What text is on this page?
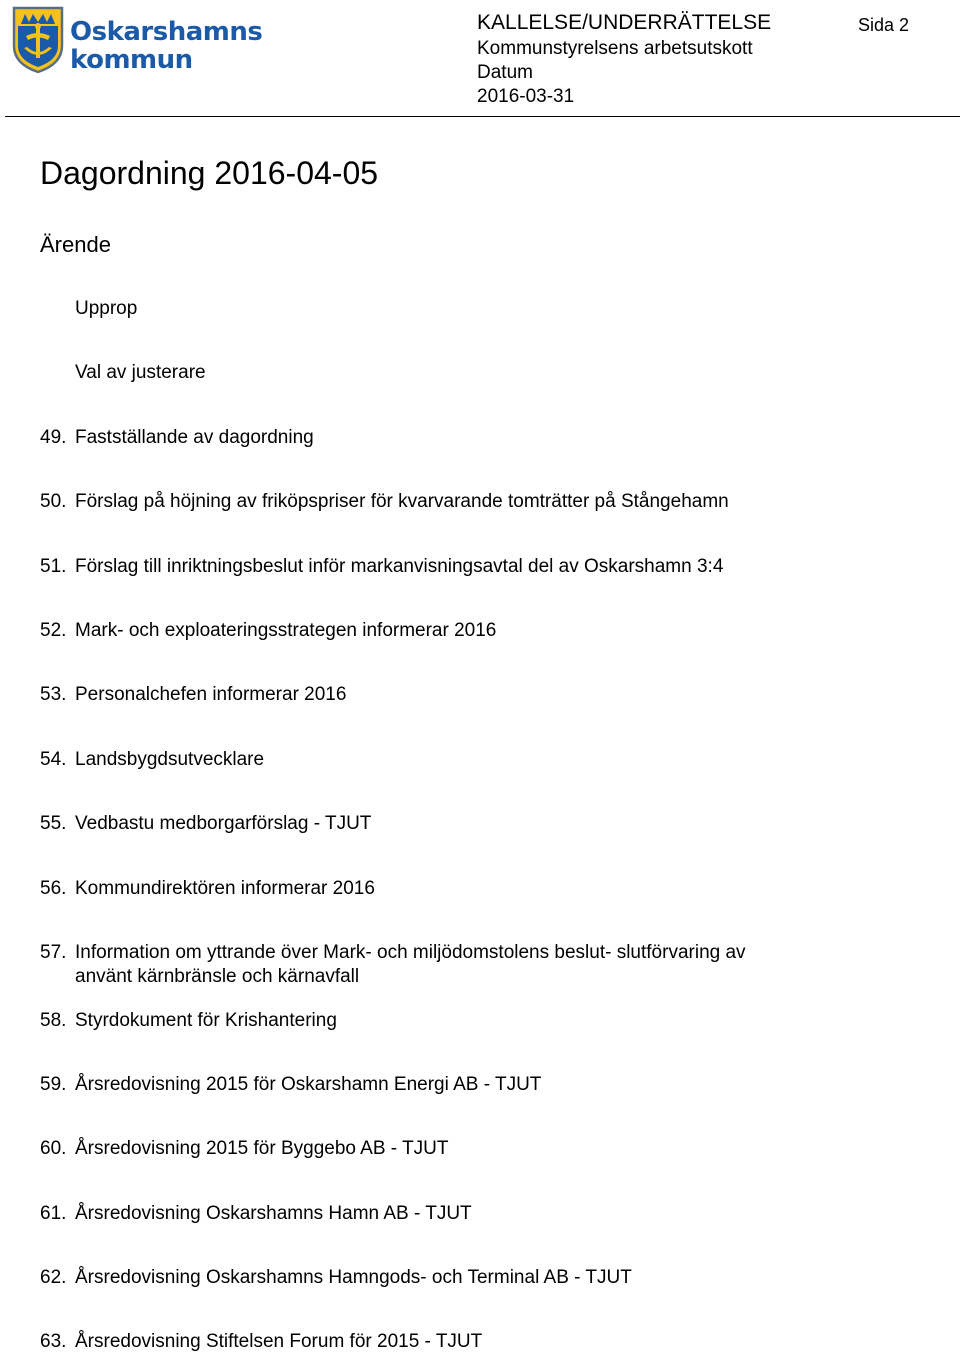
Oskarshamns
kommun
KALLELSE/UNDERRÄTTELSE	Sida 2
Kommunstyrelsens arbetsutskott
Datum
2016-03-31
Dagordning 2016-04-05
Ärende
Upprop
Val av justerare
49. Fastställande av dagordning
50. Förslag på höjning av friköpspriser för kvarvarande tomträtter på Stångehamn
51. Förslag till inriktningsbeslut inför markanvisningsavtal del av Oskarshamn 3:4
52. Mark- och exploateringsstrategen informerar 2016
53. Personalchefen informerar 2016
54. Landsbygdsutvecklare
55. Vedbastu medborgarförslag - TJUT
56. Kommundirektören informerar 2016
57. Information om yttrande över Mark- och miljödomstolens beslut- slutförvaring av använt kärnbränsle och kärnavfall
58. Styrdokument för Krishantering
59. Årsredovisning 2015 för Oskarshamn Energi AB - TJUT
60. Årsredovisning 2015 för Byggebo AB - TJUT
61. Årsredovisning Oskarshamns Hamn AB - TJUT
62. Årsredovisning Oskarshamns Hamngods- och Terminal AB - TJUT
63. Årsredovisning Stiftelsen Forum för 2015 - TJUT
